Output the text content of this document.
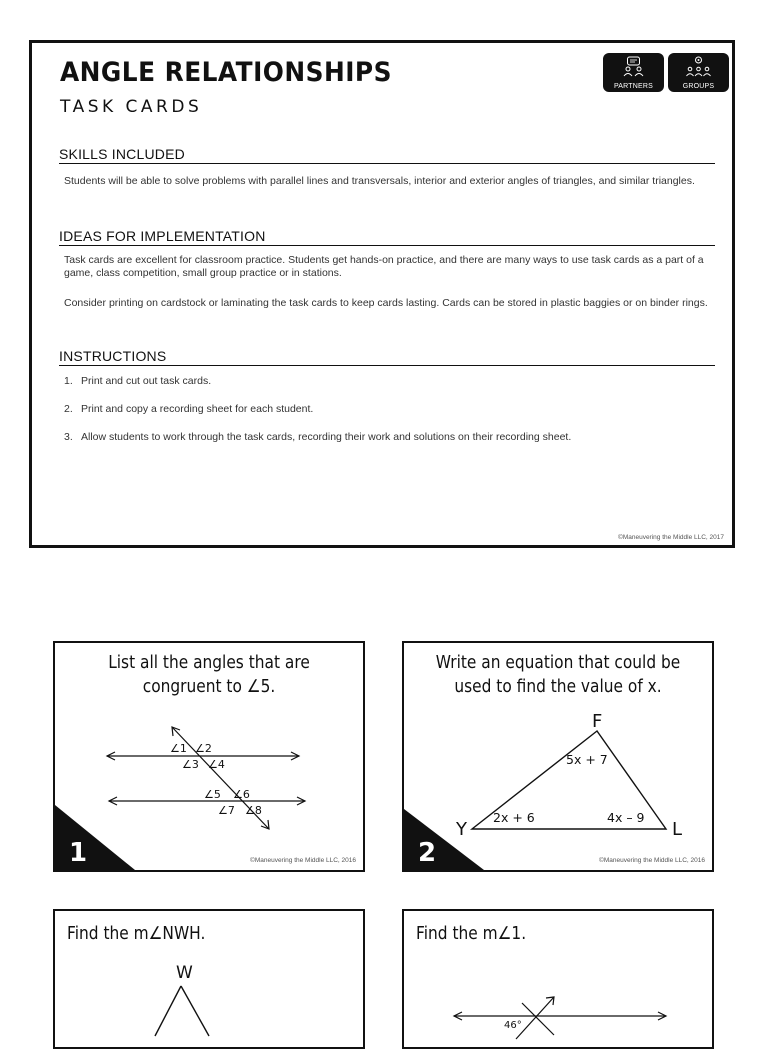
ANGLE RELATIONSHIPS
TASK CARDS
PARTNERS	GROUPS
SKILLS INCLUDED
Students will be able to solve problems with parallel lines and transversals, interior and exterior angles of triangles, and similar triangles.
IDEAS FOR IMPLEMENTATION
Task cards are excellent for classroom practice. Students get hands-on practice, and there are many ways to use task cards as a part of a game, class competition, small group practice or in stations.
Consider printing on cardstock or laminating the task cards to keep cards lasting. Cards can be stored in plastic baggies or on binder rings.
INSTRUCTIONS
1. Print and cut out task cards.
2. Print and copy a recording sheet for each student.
3. Allow students to work through the task cards, recording their work and solutions on their recording sheet.
©Maneuvering the Middle LLC, 2017
List all the angles that are
congruent to ∠5.
∠1 ∠2
∠3 ∠4
∠5 ∠6
∠7 ∠8
1	©Maneuvering the Middle LLC, 2016
Write an equation that could be
used to find the value of x.
F
Y	L
5x + 7
2x + 6	4x – 9
2	©Maneuvering the Middle LLC, 2016
Find the m∠NWH.
W
Find the m∠1.
46°
